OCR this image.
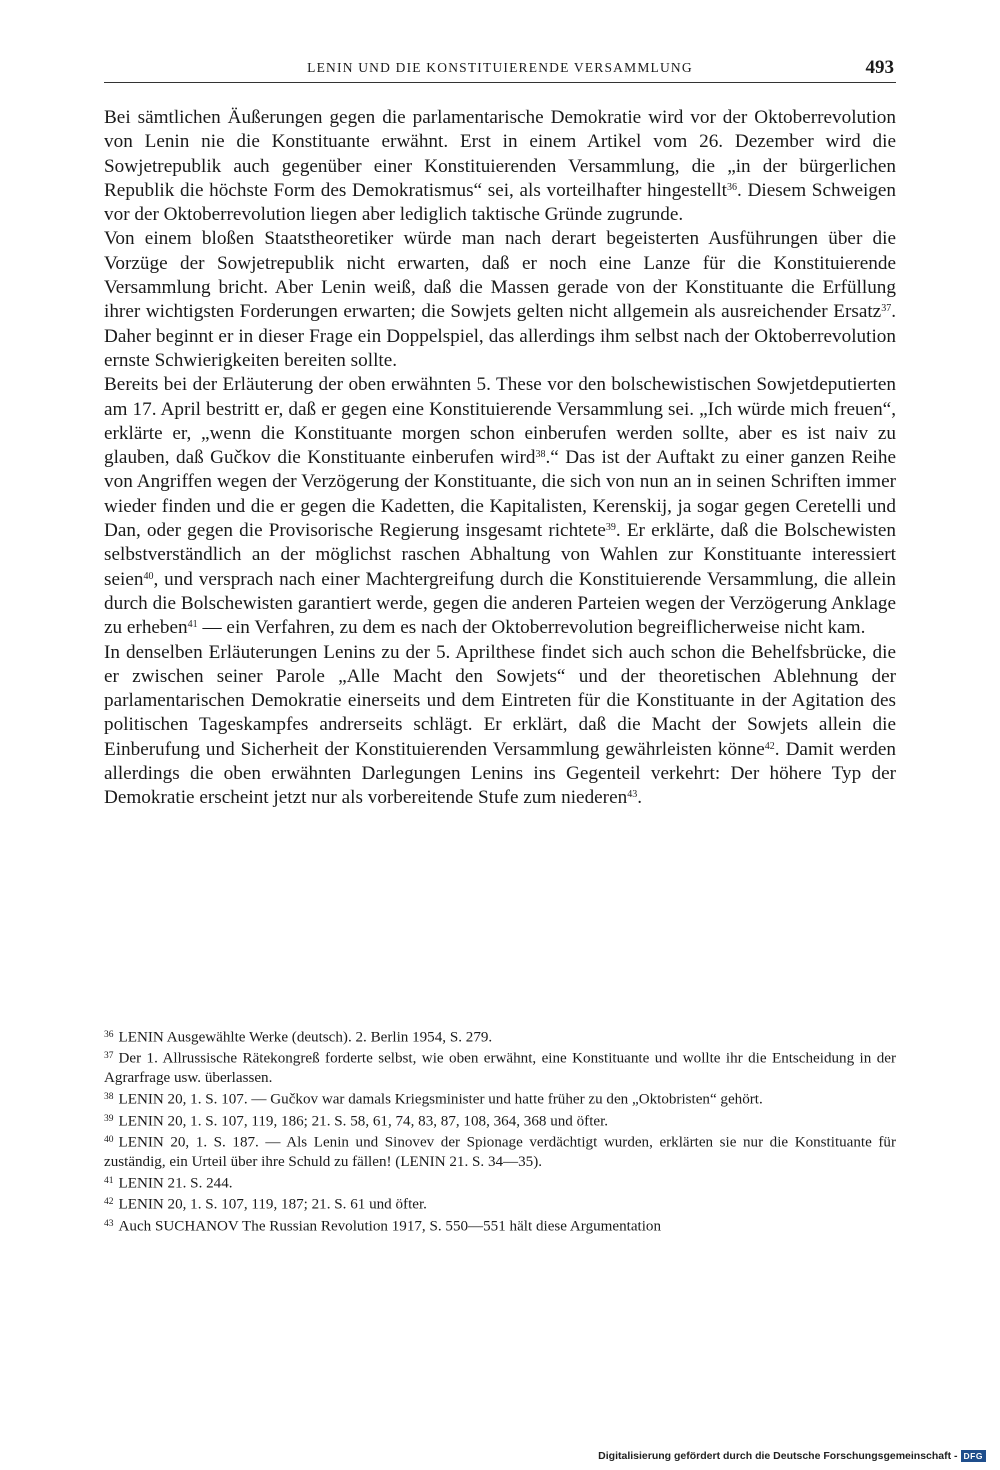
LENIN UND DIE KONSTITUIERENDE VERSAMMLUNG	493

Bei sämtlichen Äußerungen gegen die parlamentarische Demokratie wird vor der Oktoberrevolution von Lenin nie die Konstituante erwähnt. Erst in einem Artikel vom 26. Dezember wird die Sowjetrepublik auch gegenüber einer Konstituierenden Versammlung, die „in der bürgerlichen Republik die höchste Form des Demokratismus“ sei, als vorteilhafter hingestellt$^{36}$. Diesem Schweigen vor der Oktoberrevolution liegen aber lediglich taktische Gründe zugrunde.

Von einem bloßen Staatstheoretiker würde man nach derart begeisterten Ausführungen über die Vorzüge der Sowjetrepublik nicht erwarten, daß er noch eine Lanze für die Konstituierende Versammlung bricht. Aber Lenin weiß, daß die Massen gerade von der Konstituante die Erfüllung ihrer wichtigsten Forderungen erwarten; die Sowjets gelten nicht allgemein als ausreichender Ersatz$^{37}$. Daher beginnt er in dieser Frage ein Doppelspiel, das allerdings ihm selbst nach der Oktoberrevolution ernste Schwierigkeiten bereiten sollte.

Bereits bei der Erläuterung der oben erwähnten 5. These vor den bolschewistischen Sowjetdeputierten am 17. April bestritt er, daß er gegen eine Konstituierende Versammlung sei. „Ich würde mich freuen“, erklärte er, „wenn die Konstituante morgen schon einberufen werden sollte, aber es ist naiv zu glauben, daß Gučkov die Konstituante einberufen wird$^{38}$.“ Das ist der Auftakt zu einer ganzen Reihe von Angriffen wegen der Verzögerung der Konstituante, die sich von nun an in seinen Schriften immer wieder finden und die er gegen die Kadetten, die Kapitalisten, Kerenskij, ja sogar gegen Ceretelli und Dan, oder gegen die Provisorische Regierung insgesamt richtete$^{39}$. Er erklärte, daß die Bolschewisten selbstverständlich an der möglichst raschen Abhaltung von Wahlen zur Konstituante interessiert seien$^{40}$, und versprach nach einer Machtergreifung durch die Konstituierende Versammlung, die allein durch die Bolschewisten garantiert werde, gegen die anderen Parteien wegen der Verzögerung Anklage zu erheben$^{41}$ — ein Verfahren, zu dem es nach der Oktoberrevolution begreiflicherweise nicht kam.

In denselben Erläuterungen Lenins zu der 5. Aprilthese findet sich auch schon die Behelfsbrücke, die er zwischen seiner Parole „Alle Macht den Sowjets“ und der theoretischen Ablehnung der parlamentarischen Demokratie einerseits und dem Eintreten für die Konstituante in der Agitation des politischen Tageskampfes andrerseits schlägt. Er erklärt, daß die Macht der Sowjets allein die Einberufung und Sicherheit der Konstituierenden Versammlung gewährleisten könne$^{42}$. Damit werden allerdings die oben erwähnten Darlegungen Lenins ins Gegenteil verkehrt: Der höhere Typ der Demokratie erscheint jetzt nur als vorbereitende Stufe zum niederen$^{43}$.

$^{36}$ LENIN Ausgewählte Werke (deutsch). 2. Berlin 1954, S. 279.
$^{37}$ Der 1. Allrussische Rätekongreß forderte selbst, wie oben erwähnt, eine Konstituante und wollte ihr die Entscheidung in der Agrarfrage usw. überlassen.
$^{38}$ LENIN 20, 1. S. 107. — Gučkov war damals Kriegsminister und hatte früher zu den „Oktobristen“ gehört.
$^{39}$ LENIN 20, 1. S. 107, 119, 186; 21. S. 58, 61, 74, 83, 87, 108, 364, 368 und öfter.
$^{40}$ LENIN 20, 1. S. 187. — Als Lenin und Sinovev der Spionage verdächtigt wurden, erklärten sie nur die Konstituante für zuständig, ein Urteil über ihre Schuld zu fällen! (LENIN 21. S. 34—35).
$^{41}$ LENIN 21. S. 244.
$^{42}$ LENIN 20, 1. S. 107, 119, 187; 21. S. 61 und öfter.
$^{43}$ Auch SUCHANOV The Russian Revolution 1917, S. 550—551 hält diese Argumentation
Digitalisierung gefördert durch die Deutsche Forschungsgemeinschaft - DFG
